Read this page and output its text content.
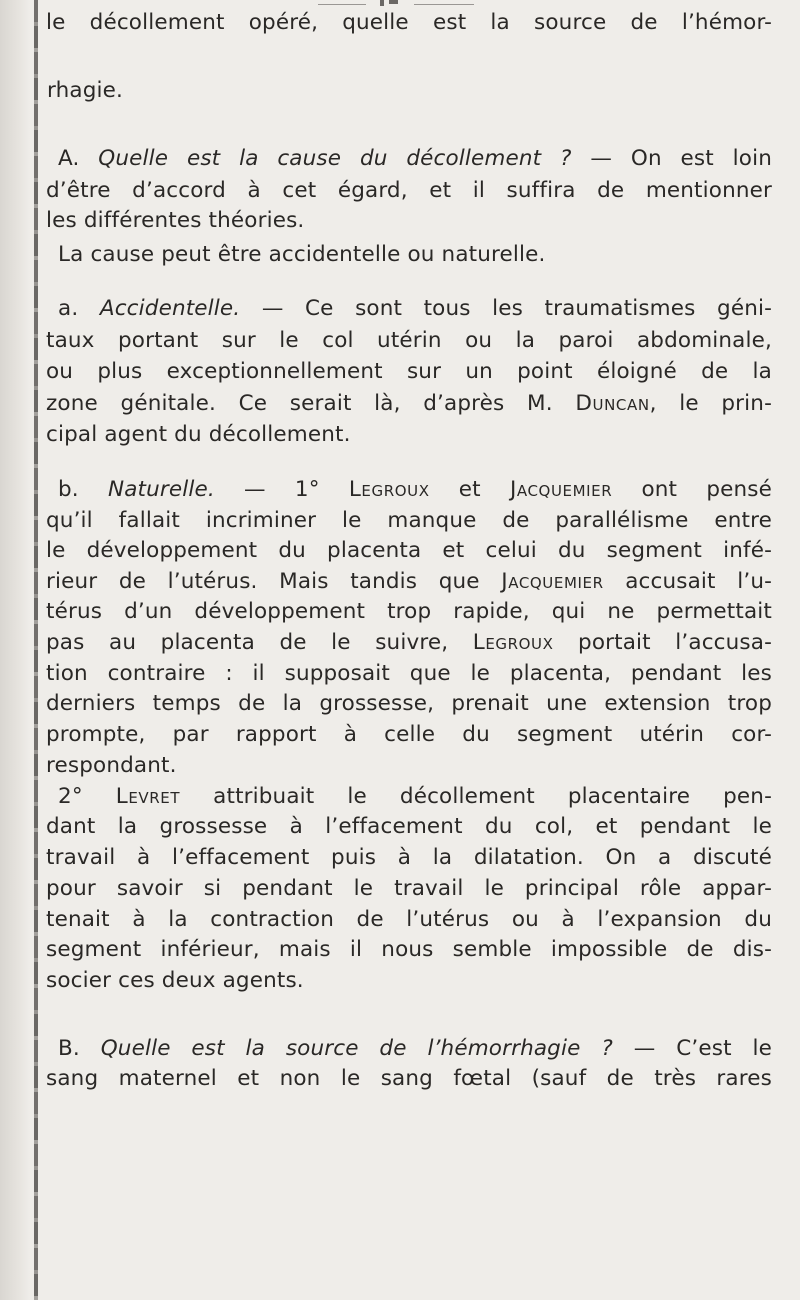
le décollement opéré, quelle est la source de l’hémor-
rhagie.
A. Quelle est la cause du décollement ? — On est loin
d’être d’accord à cet égard, et il suffira de mentionner
les différentes théories.
La cause peut être accidentelle ou naturelle.
a. Accidentelle. — Ce sont tous les traumatismes géni-
taux portant sur le col utérin ou la paroi abdominale,
ou plus exceptionnellement sur un point éloigné de la
zone génitale. Ce serait là, d’après M. Duncan, le prin-
cipal agent du décollement.
b. Naturelle. — 1° Legroux et Jacquemier ont pensé
qu’il fallait incriminer le manque de parallélisme entre
le développement du placenta et celui du segment infé-
rieur de l’utérus. Mais tandis que Jacquemier accusait l’u-
térus d’un développement trop rapide, qui ne permettait
pas au placenta de le suivre, Legroux portait l’accusa-
tion contraire : il supposait que le placenta, pendant les
derniers temps de la grossesse, prenait une extension trop
prompte, par rapport à celle du segment utérin cor-
respondant.
2° Levret attribuait le décollement placentaire pen-
dant la grossesse à l’effacement du col, et pendant le
travail à l’effacement puis à la dilatation. On a discuté
pour savoir si pendant le travail le principal rôle appar-
tenait à la contraction de l’utérus ou à l’expansion du
segment inférieur, mais il nous semble impossible de dis-
socier ces deux agents.
B. Quelle est la source de l’hémorrhagie ? — C’est le
sang maternel et non le sang fœtal (sauf de très rares
